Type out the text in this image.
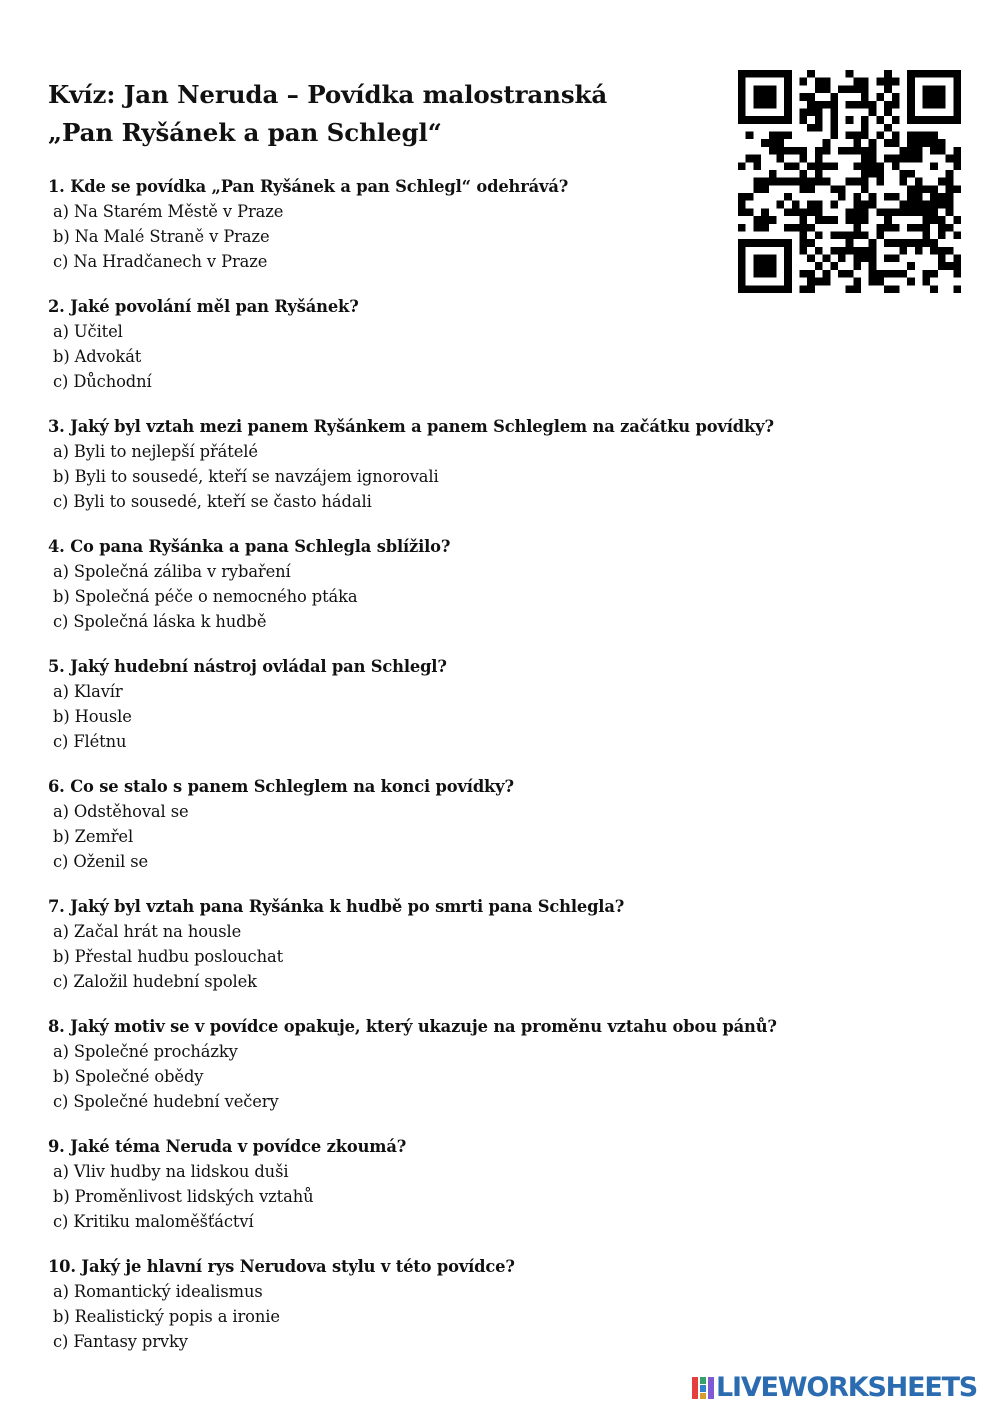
Kvíz: Jan Neruda – Povídka malostranská
„Pan Ryšánek a pan Schlegl“
1. Kde se povídka „Pan Ryšánek a pan Schlegl“ odehrává?
a) Na Starém Městě v Praze
b) Na Malé Straně v Praze
c) Na Hradčanech v Praze
2. Jaké povolání měl pan Ryšánek?
a) Učitel
b) Advokát
c) Důchodní
3. Jaký byl vztah mezi panem Ryšánkem a panem Schleglem na začátku povídky?
a) Byli to nejlepší přátelé
b) Byli to sousedé, kteří se navzájem ignorovali
c) Byli to sousedé, kteří se často hádali
4. Co pana Ryšánka a pana Schlegla sblížilo?
a) Společná záliba v rybaření
b) Společná péče o nemocného ptáka
c) Společná láska k hudbě
5. Jaký hudební nástroj ovládal pan Schlegl?
a) Klavír
b) Housle
c) Flétnu
6. Co se stalo s panem Schleglem na konci povídky?
a) Odstěhoval se
b) Zemřel
c) Oženil se
7. Jaký byl vztah pana Ryšánka k hudbě po smrti pana Schlegla?
a) Začal hrát na housle
b) Přestal hudbu poslouchat
c) Založil hudební spolek
8. Jaký motiv se v povídce opakuje, který ukazuje na proměnu vztahu obou pánů?
a) Společné procházky
b) Společné obědy
c) Společné hudební večery
9. Jaké téma Neruda v povídce zkoumá?
a) Vliv hudby na lidskou duši
b) Proměnlivost lidských vztahů
c) Kritiku maloměšťáctví
10. Jaký je hlavní rys Nerudova stylu v této povídce?
a) Romantický idealismus
b) Realistický popis a ironie
c) Fantasy prvky
LIVEWORKSHEETS
